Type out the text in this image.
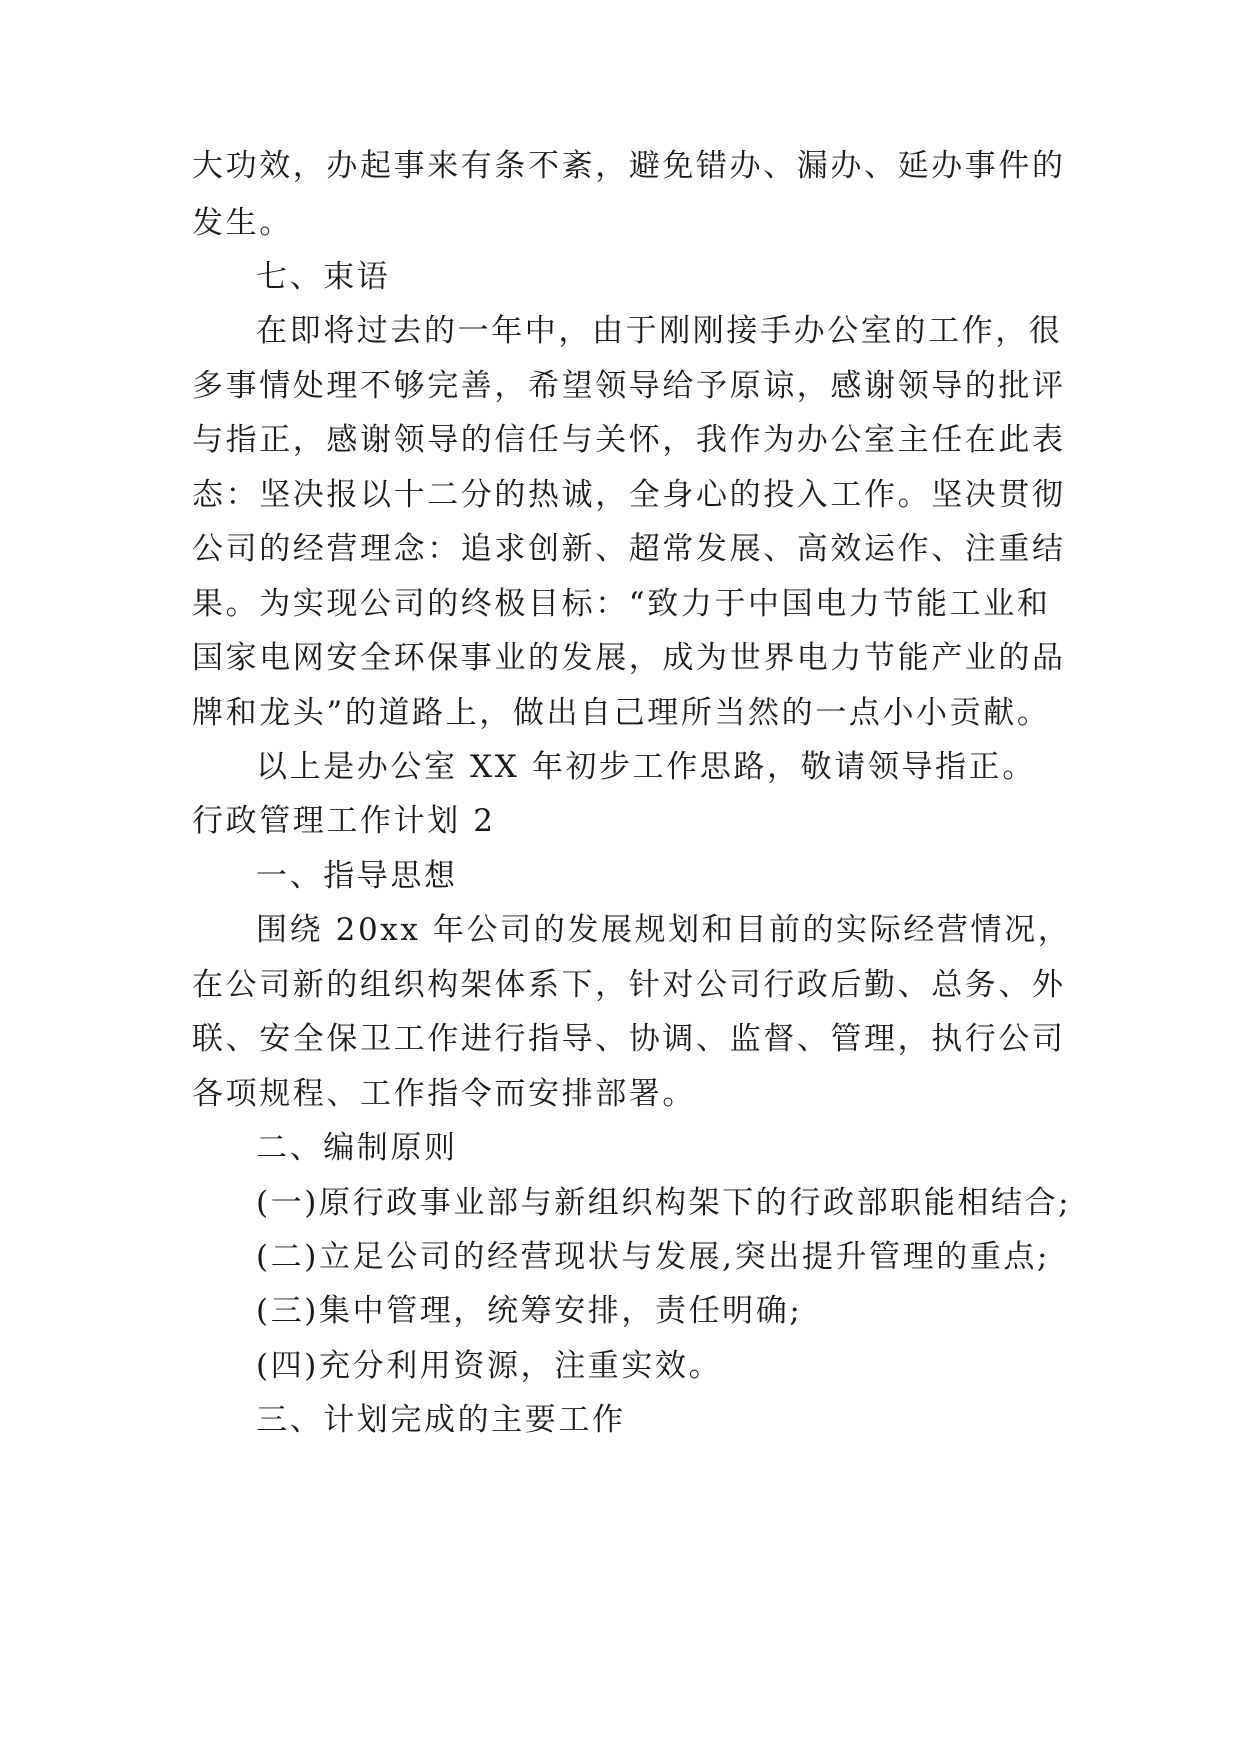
大功效，办起事来有条不紊，避免错办、漏办、延办事件的
发生。
七、束语
在即将过去的一年中，由于刚刚接手办公室的工作，很
多事情处理不够完善，希望领导给予原谅，感谢领导的批评
与指正，感谢领导的信任与关怀，我作为办公室主任在此表
态：坚决报以十二分的热诚，全身心的投入工作。坚决贯彻
公司的经营理念：追求创新、超常发展、高效运作、注重结
果。为实现公司的终极目标：“致力于中国电力节能工业和
国家电网安全环保事业的发展，成为世界电力节能产业的品
牌和龙头”的道路上，做出自己理所当然的一点小小贡献。
以上是办公室 XX 年初步工作思路，敬请领导指正。
行政管理工作计划 2
一、指导思想
围绕 20xx 年公司的发展规划和目前的实际经营情况，
在公司新的组织构架体系下，针对公司行政后勤、总务、外
联、安全保卫工作进行指导、协调、监督、管理，执行公司
各项规程、工作指令而安排部署。
二、编制原则
(一)原行政事业部与新组织构架下的行政部职能相结合;
(二)立足公司的经营现状与发展,突出提升管理的重点;
(三)集中管理，统筹安排，责任明确;
(四)充分利用资源，注重实效。
三、计划完成的主要工作
